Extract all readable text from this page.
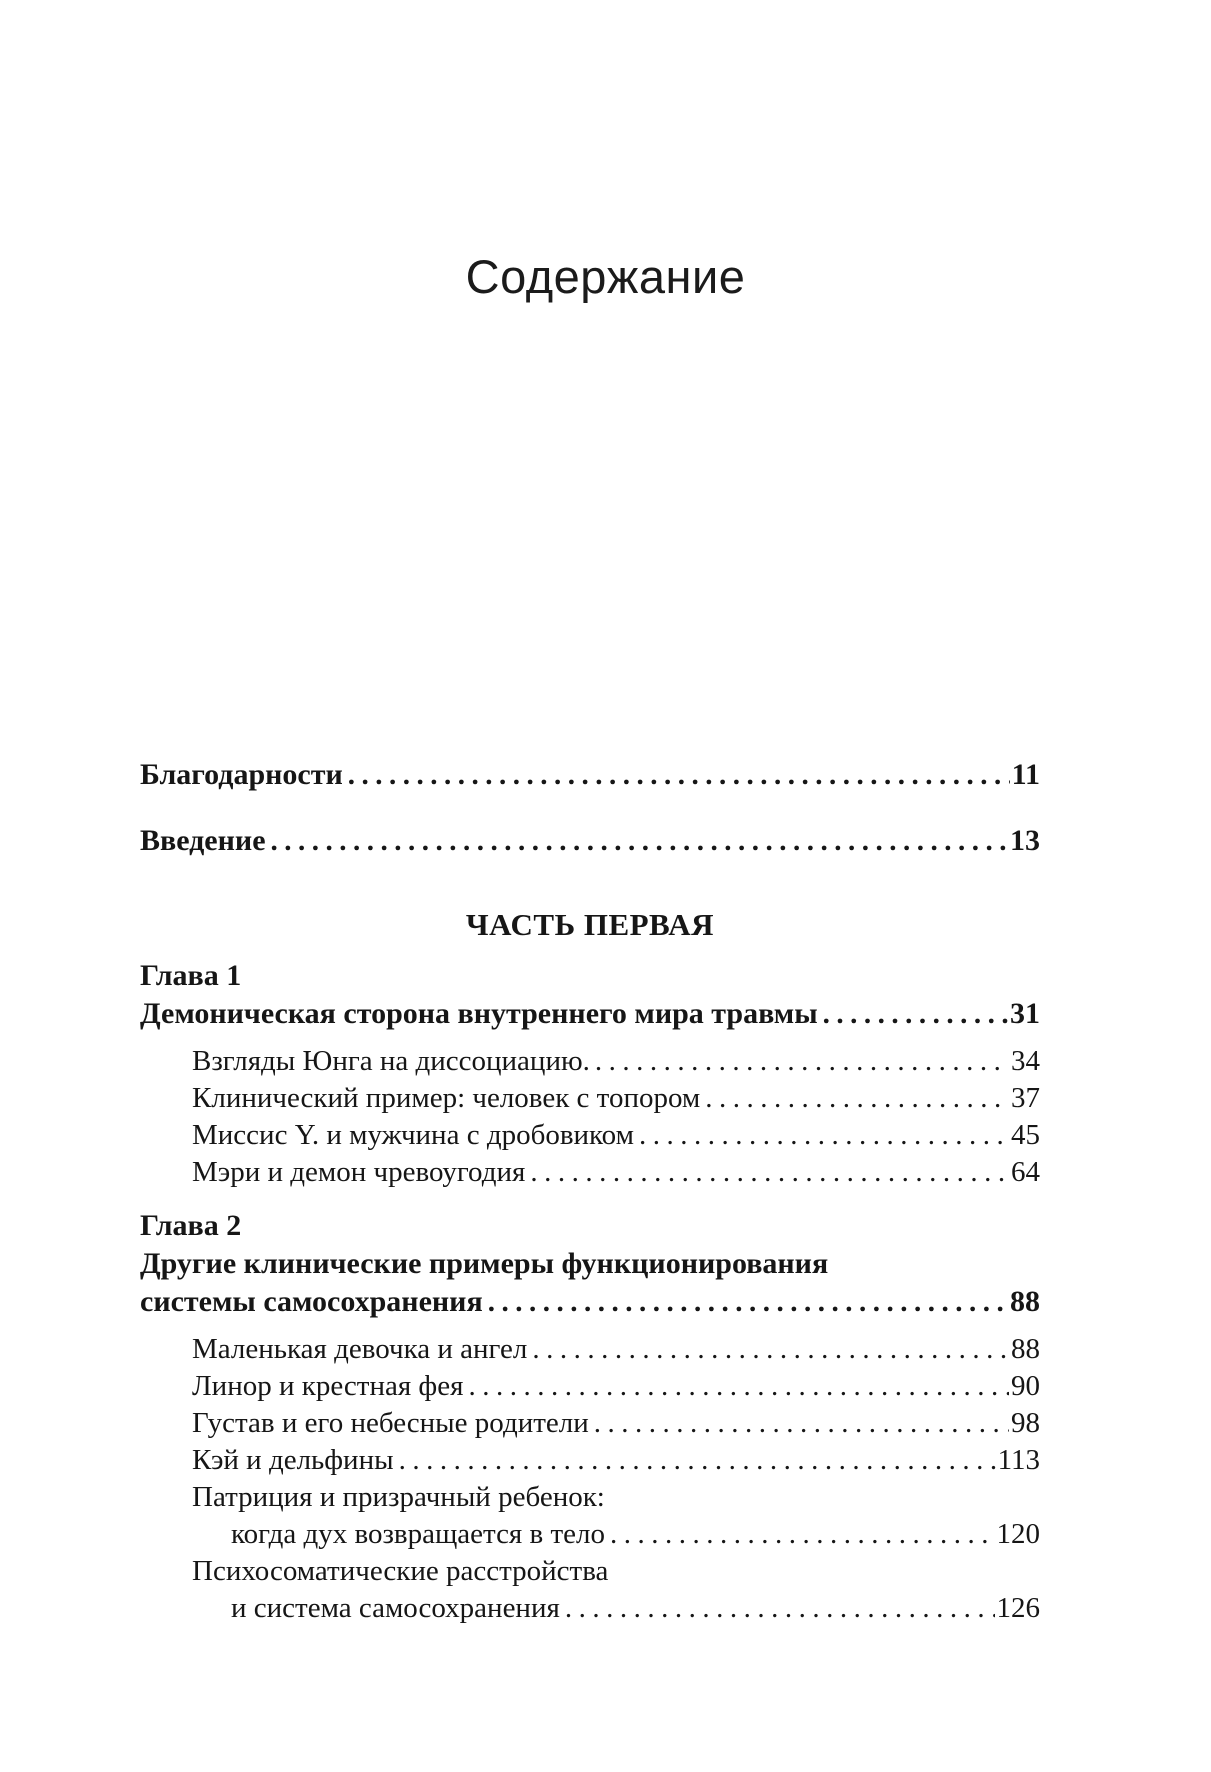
Содержание
Благодарности .....	11
Введение .....	13
ЧАСТЬ ПЕРВАЯ
Глава 1
Демоническая сторона внутреннего мира травмы .....	31
Взгляды Юнга на диссоциацию. .....	34
Клинический пример: человек с топором .....	37
Миссис Y. и мужчина с дробовиком .....	45
Мэри и демон чревоугодия .....	64
Глава 2
Другие клинические примеры функционирования
системы самосохранения .....	88
Маленькая девочка и ангел .....	88
Линор и крестная фея .....	90
Густав и его небесные родители .....	98
Кэй и дельфины .....	113
Патриция и призрачный ребенок:
когда дух возвращается в тело .....	120
Психосоматические расстройства
и система самосохранения .....	126
